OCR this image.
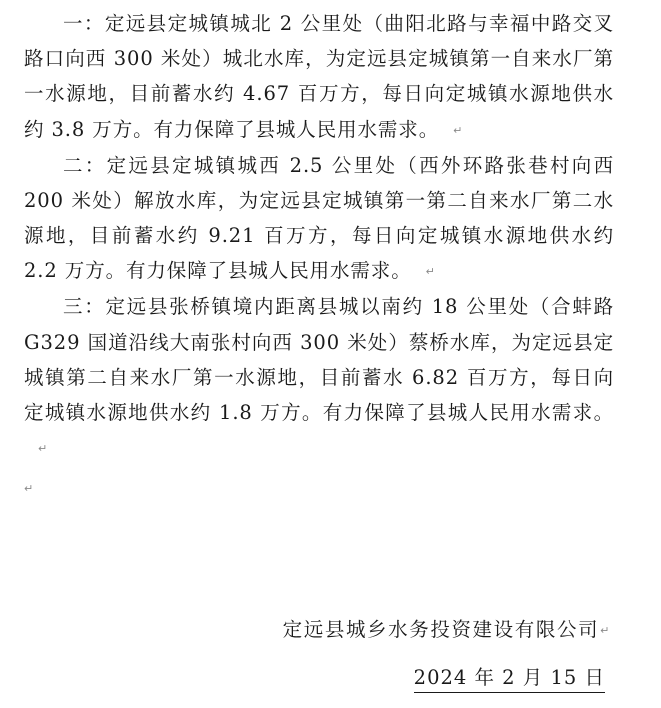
一：定远县定城镇城北 2 公里处（曲阳北路与幸福中路交叉路口向西 300 米处）城北水库，为定远县定城镇第一自来水厂第一水源地，目前蓄水约 4.67 百万方，每日向定城镇水源地供水约 3.8 万方。有力保障了县城人民用水需求。 ↵

二：定远县定城镇城西 2.5 公里处（西外环路张巷村向西 200 米处）解放水库，为定远县定城镇第一第二自来水厂第二水源地，目前蓄水约 9.21 百万方，每日向定城镇水源地供水约 2.2 万方。有力保障了县城人民用水需求。 ↵

三：定远县张桥镇境内距离县城以南约 18 公里处（合蚌路 G329 国道沿线大南张村向西 300 米处）蔡桥水库，为定远县定城镇第二自来水厂第一水源地，目前蓄水 6.82 百万方，每日向定城镇水源地供水约 1.8 万方。有力保障了县城人民用水需求。↵

↵

定远县城乡水务投资建设有限公司↵
2024 年 2 月 15 日
